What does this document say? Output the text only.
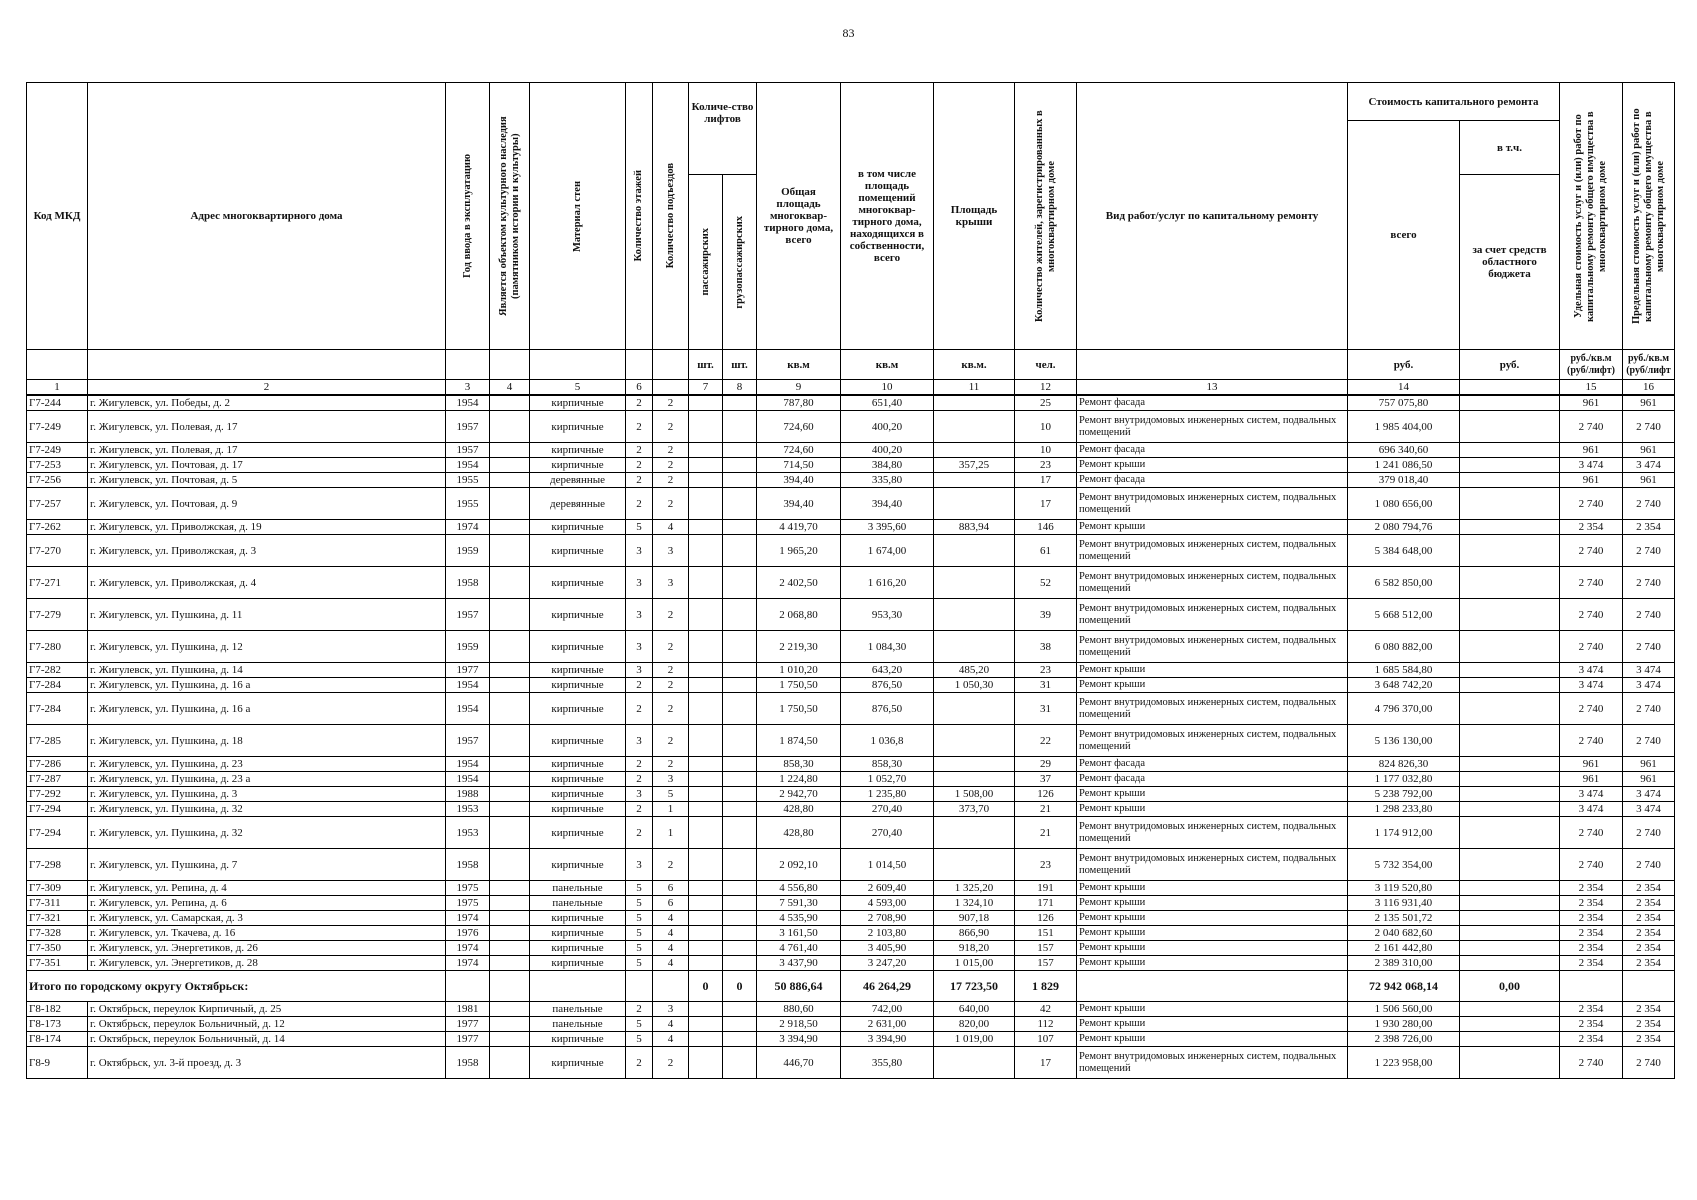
83
Код МКД	Адрес многоквартирного дома	Год ввода в эксплуатацию	Является объектом культурного наследия (памятником истории и культуры)	Материал стен	Количество этажей	Количество подъездов	Количе-ство лифтов		Общая площадь многоквар-тирного дома, всего	в том числе площадь помещений многоквар-тирного дома, находящихся в собственности, всего	Площадь крыши	Количество жителей, зарегистрированных в многоквартирном доме	Вид работ/услуг по капитальному ремонту	Стоимость капитального ремонта		Удельная стоимость услуг и (или) работ по капитальному ремонту общего имущества в многоквартирном доме	Предельная стоимость услуг и (или) работ по капитальному ремонту общего имущества в многоквартирном доме

														всего	в т.ч.		

							пассажирских	грузопассажирских							за счет средств областного бюджета		
							шт.	шт.	кв.м	кв.м	кв.м.	чел.		руб.	руб.	руб./кв.м (руб/лифт)	руб./кв.м (руб/лифт
1	2	3	4	5	6		7	8	9	10	11	12	13	14		15	16
Г7-244	г. Жигулевск, ул. Победы, д. 2	1954		кирпичные	2	2			787,80	651,40		25	Ремонт фасада	757 075,80		961	961
Г7-249	г. Жигулевск, ул. Полевая, д. 17	1957		кирпичные	2	2			724,60	400,20		10	Ремонт внутридомовых инженерных систем, подвальных помещений	1 985 404,00		2 740	2 740
Г7-249	г. Жигулевск, ул. Полевая, д. 17	1957		кирпичные	2	2			724,60	400,20		10	Ремонт фасада	696 340,60		961	961
Г7-253	г. Жигулевск, ул. Почтовая, д. 17	1954		кирпичные	2	2			714,50	384,80	357,25	23	Ремонт крыши	1 241 086,50		3 474	3 474
Г7-256	г. Жигулевск, ул. Почтовая, д. 5	1955		деревянные	2	2			394,40	335,80		17	Ремонт фасада	379 018,40		961	961
Г7-257	г. Жигулевск, ул. Почтовая, д. 9	1955		деревянные	2	2			394,40	394,40		17	Ремонт внутридомовых инженерных систем, подвальных помещений	1 080 656,00		2 740	2 740
Г7-262	г. Жигулевск, ул. Приволжская, д. 19	1974		кирпичные	5	4			4 419,70	3 395,60	883,94	146	Ремонт крыши	2 080 794,76		2 354	2 354
Г7-270	г. Жигулевск, ул. Приволжская, д. 3	1959		кирпичные	3	3			1 965,20	1 674,00		61	Ремонт внутридомовых инженерных систем, подвальных помещений	5 384 648,00		2 740	2 740
Г7-271	г. Жигулевск, ул. Приволжская, д. 4	1958		кирпичные	3	3			2 402,50	1 616,20		52	Ремонт внутридомовых инженерных систем, подвальных помещений	6 582 850,00		2 740	2 740
Г7-279	г. Жигулевск, ул. Пушкина, д. 11	1957		кирпичные	3	2			2 068,80	953,30		39	Ремонт внутридомовых инженерных систем, подвальных помещений	5 668 512,00		2 740	2 740
Г7-280	г. Жигулевск, ул. Пушкина, д. 12	1959		кирпичные	3	2			2 219,30	1 084,30		38	Ремонт внутридомовых инженерных систем, подвальных помещений	6 080 882,00		2 740	2 740
Г7-282	г. Жигулевск, ул. Пушкина, д. 14	1977		кирпичные	3	2			1 010,20	643,20	485,20	23	Ремонт крыши	1 685 584,80		3 474	3 474
Г7-284	г. Жигулевск, ул. Пушкина, д. 16 а	1954		кирпичные	2	2			1 750,50	876,50	1 050,30	31	Ремонт крыши	3 648 742,20		3 474	3 474
Г7-284	г. Жигулевск, ул. Пушкина, д. 16 а	1954		кирпичные	2	2			1 750,50	876,50		31	Ремонт внутридомовых инженерных систем, подвальных помещений	4 796 370,00		2 740	2 740
Г7-285	г. Жигулевск, ул. Пушкина, д. 18	1957		кирпичные	3	2			1 874,50	1 036,8		22	Ремонт внутридомовых инженерных систем, подвальных помещений	5 136 130,00		2 740	2 740
Г7-286	г. Жигулевск, ул. Пушкина, д. 23	1954		кирпичные	2	2			858,30	858,30		29	Ремонт фасада	824 826,30		961	961
Г7-287	г. Жигулевск, ул. Пушкина, д. 23 а	1954		кирпичные	2	3			1 224,80	1 052,70		37	Ремонт фасада	1 177 032,80		961	961
Г7-292	г. Жигулевск, ул. Пушкина, д. 3	1988		кирпичные	3	5			2 942,70	1 235,80	1 508,00	126	Ремонт крыши	5 238 792,00		3 474	3 474
Г7-294	г. Жигулевск, ул. Пушкина, д. 32	1953		кирпичные	2	1			428,80	270,40	373,70	21	Ремонт крыши	1 298 233,80		3 474	3 474
Г7-294	г. Жигулевск, ул. Пушкина, д. 32	1953		кирпичные	2	1			428,80	270,40		21	Ремонт внутридомовых инженерных систем, подвальных помещений	1 174 912,00		2 740	2 740
Г7-298	г. Жигулевск, ул. Пушкина, д. 7	1958		кирпичные	3	2			2 092,10	1 014,50		23	Ремонт внутридомовых инженерных систем, подвальных помещений	5 732 354,00		2 740	2 740
Г7-309	г. Жигулевск, ул. Репина, д. 4	1975		панельные	5	6			4 556,80	2 609,40	1 325,20	191	Ремонт крыши	3 119 520,80		2 354	2 354
Г7-311	г. Жигулевск, ул. Репина, д. 6	1975		панельные	5	6			7 591,30	4 593,00	1 324,10	171	Ремонт крыши	3 116 931,40		2 354	2 354
Г7-321	г. Жигулевск, ул. Самарская, д. 3	1974		кирпичные	5	4			4 535,90	2 708,90	907,18	126	Ремонт крыши	2 135 501,72		2 354	2 354
Г7-328	г. Жигулевск, ул. Ткачева, д. 16	1976		кирпичные	5	4			3 161,50	2 103,80	866,90	151	Ремонт крыши	2 040 682,60		2 354	2 354
Г7-350	г. Жигулевск, ул. Энергетиков, д. 26	1974		кирпичные	5	4			4 761,40	3 405,90	918,20	157	Ремонт крыши	2 161 442,80		2 354	2 354
Г7-351	г. Жигулевск, ул. Энергетиков, д. 28	1974		кирпичные	5	4			3 437,90	3 247,20	1 015,00	157	Ремонт крыши	2 389 310,00		2 354	2 354
Итого по городскому округу Октябрьск:							0	0	50 886,64	46 264,29	17 723,50	1 829		72 942 068,14	0,00		
Г8-182	г. Октябрьск, переулок Кирпичный, д. 25	1981		панельные	2	3			880,60	742,00	640,00	42	Ремонт крыши	1 506 560,00		2 354	2 354
Г8-173	г. Октябрьск, переулок Больничный, д. 12	1977		панельные	5	4			2 918,50	2 631,00	820,00	112	Ремонт крыши	1 930 280,00		2 354	2 354
Г8-174	г. Октябрьск, переулок Больничный, д. 14	1977		кирпичные	5	4			3 394,90	3 394,90	1 019,00	107	Ремонт крыши	2 398 726,00		2 354	2 354
Г8-9	г. Октябрьск, ул. 3-й проезд, д. 3	1958		кирпичные	2	2			446,70	355,80		17	Ремонт внутридомовых инженерных систем, подвальных помещений	1 223 958,00		2 740	2 740
